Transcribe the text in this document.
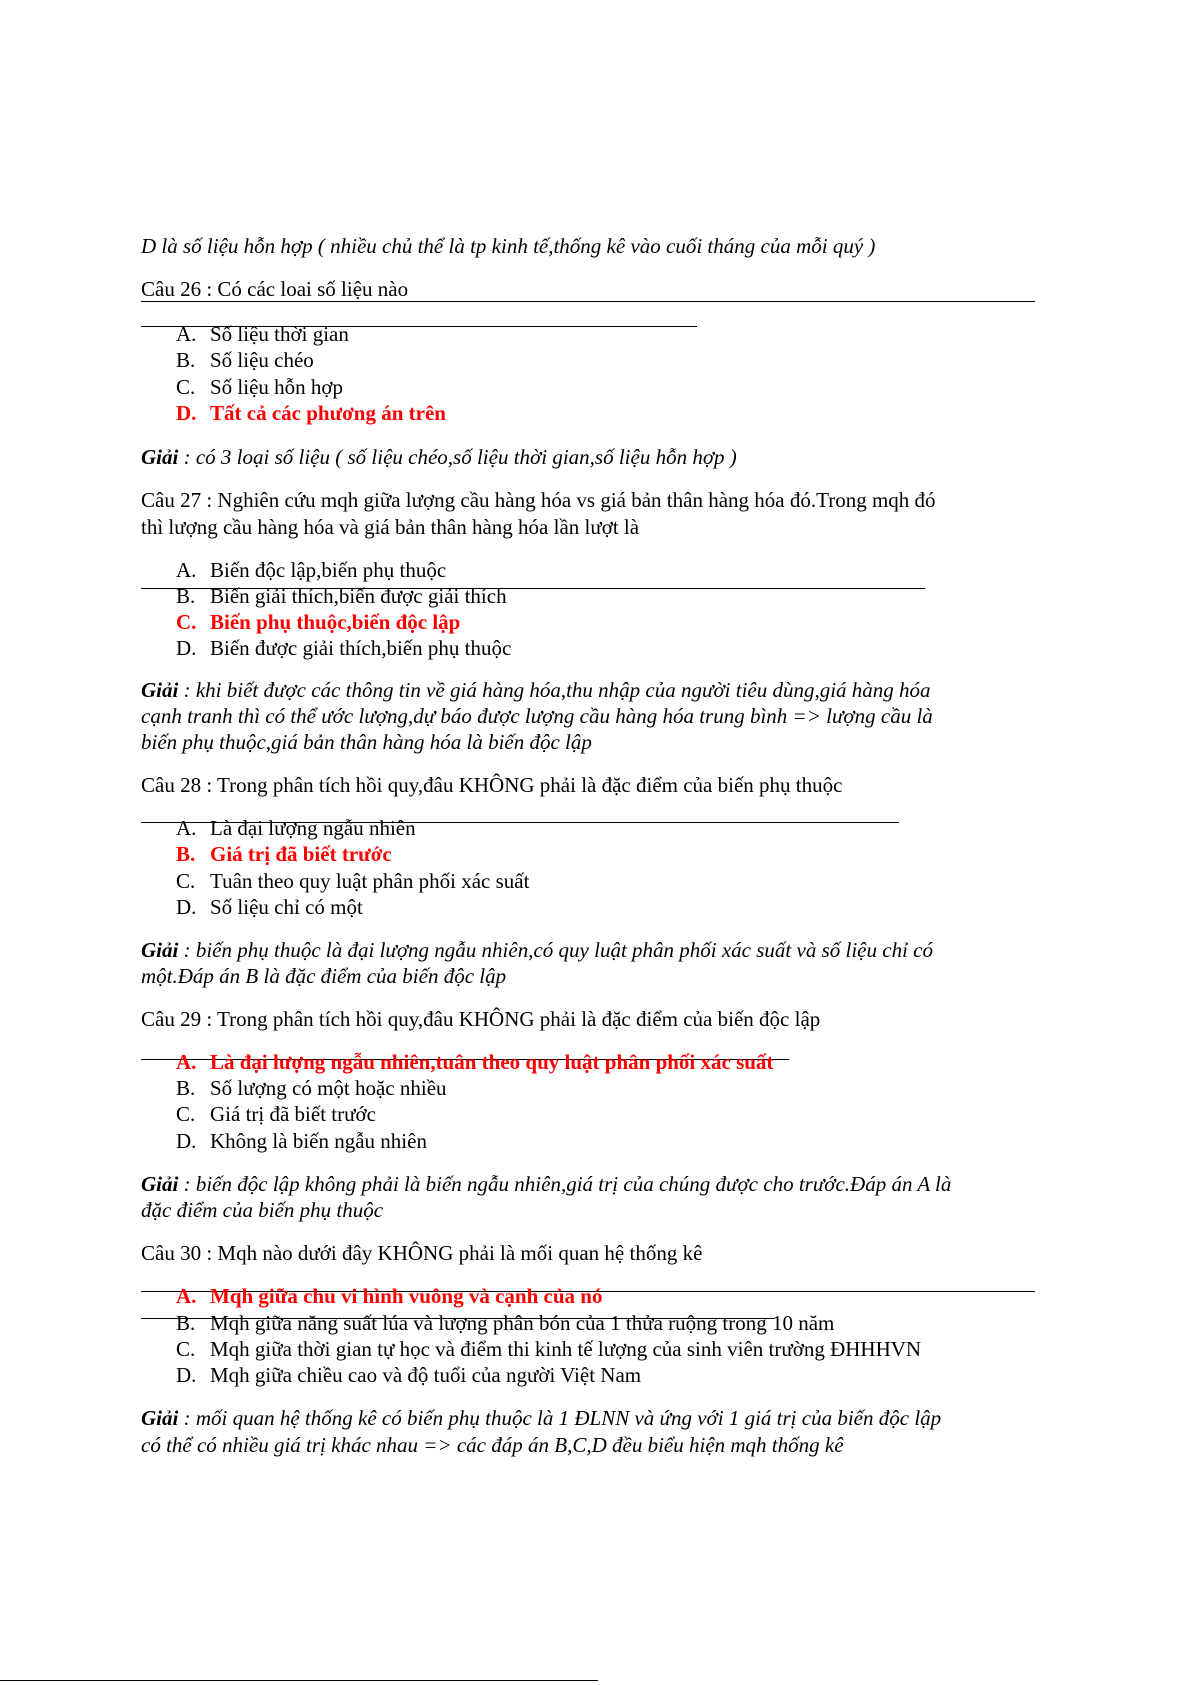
D là số liệu hỗn hợp ( nhiều chủ thể là tp kinh tế,thống kê vào cuối tháng của mỗi quý )
Câu 26 : Có các loai số liệu nào
A. Số liệu thời gian
B. Số liệu chéo
C. Số liệu hỗn hợp
D. Tất cả các phương án trên
Giải : có 3 loại số liệu ( số liệu chéo,số liệu thời gian,số liệu hỗn hợp )
Câu 27 : Nghiên cứu mqh giữa lượng cầu hàng hóa vs giá bản thân hàng hóa đó.Trong mqh đó
thì lượng cầu hàng hóa và giá bản thân hàng hóa lần lượt là
A. Biến độc lập,biến phụ thuộc
B. Biến giải thích,biến được giải thích
C. Biến phụ thuộc,biến độc lập
D. Biến được giải thích,biến phụ thuộc
Giải : khi biết được các thông tin về giá hàng hóa,thu nhập của người tiêu dùng,giá hàng hóa
cạnh tranh thì có thể ước lượng,dự báo được lượng cầu hàng hóa trung bình => lượng cầu là
biến phụ thuộc,giá bản thân hàng hóa là biến độc lập
Câu 28 : Trong phân tích hồi quy,đâu KHÔNG phải là đặc điểm của biến phụ thuộc
A. Là đại lượng ngẫu nhiên
B. Giá trị đã biết trước
C. Tuân theo quy luật phân phối xác suất
D. Số liệu chỉ có một
Giải : biến phụ thuộc là đại lượng ngẫu nhiên,có quy luật phân phối xác suất và số liệu chỉ có
một.Đáp án B là đặc điểm của biến độc lập
Câu 29 : Trong phân tích hồi quy,đâu KHÔNG phải là đặc điểm của biến độc lập
A. Là đại lượng ngẫu nhiên,tuân theo quy luật phân phối xác suất
B. Số lượng có một hoặc nhiều
C. Giá trị đã biết trước
D. Không là biến ngẫu nhiên
Giải : biến độc lập không phải là biến ngẫu nhiên,giá trị của chúng được cho trước.Đáp án A là
đặc điểm của biến phụ thuộc
Câu 30 : Mqh nào dưới đây KHÔNG phải là mối quan hệ thống kê
A. Mqh giữa chu vi hình vuông và cạnh của nó
B. Mqh giữa năng suất lúa và lượng phân bón của 1 thửa ruộng trong 10 năm
C. Mqh giữa thời gian tự học và điểm thi kinh tế lượng của sinh viên trường ĐHHHVN
D. Mqh giữa chiều cao và độ tuổi của người Việt Nam
Giải : mối quan hệ thống kê có biến phụ thuộc là 1 ĐLNN và ứng với 1 giá trị của biến độc lập
có thể có nhiều giá trị khác nhau => các đáp án B,C,D đều biểu hiện mqh thống kê
